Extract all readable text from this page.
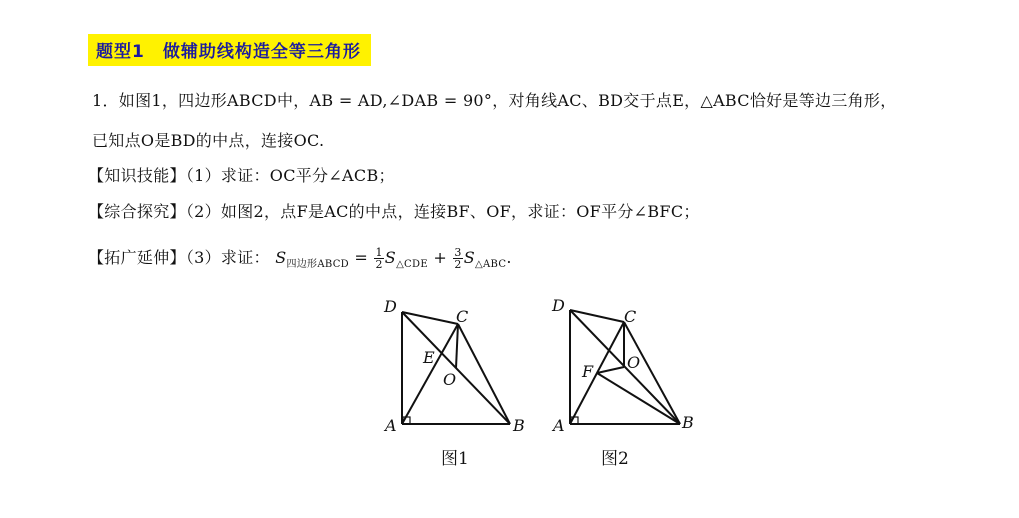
题型1　做辅助线构造全等三角形
1．如图1，四边形ABCD中，AB = AD,∠DAB = 90°，对角线AC、BD交于点E，△ABC恰好是等边三角形，
已知点O是BD的中点，连接OC.
【知识技能】（1）求证：OC平分∠ACB；
【综合探究】（2）如图2，点F是AC的中点，连接BF、OF，求证：OF平分∠BFC；
【拓广延伸】（3）求证： $S_{四边形ABCD} = \frac{1}{2} S_{\triangle CDE} + \frac{3}{2} S_{\triangle ABC}$.
D
C
E
O
A	B
图1
D
C
F O
A	B
图2
